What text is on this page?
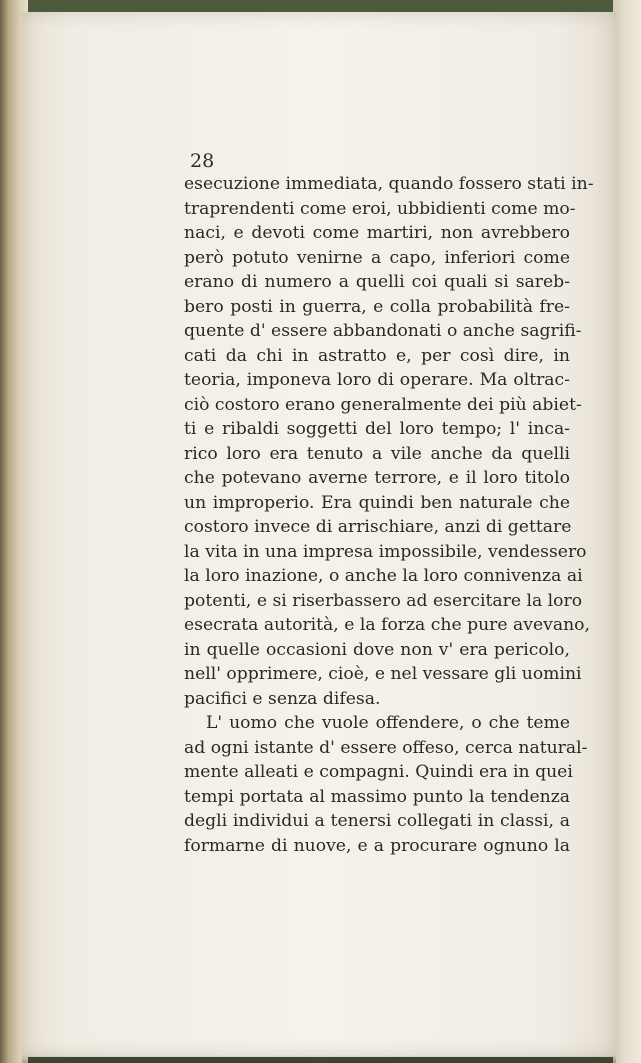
28
esecuzione immediata, quando fossero stati in-
traprendenti come eroi, ubbidienti come mo-
naci, e devoti come martiri, non avrebbero
però potuto venirne a capo, inferiori come
erano di numero a quelli coi quali si sareb-
bero posti in guerra, e colla probabilità fre-
quente d' essere abbandonati o anche sagrifi-
cati da chi in astratto e, per così dire, in
teoria, imponeva loro di operare. Ma oltrac-
ciò costoro erano generalmente dei più abiet-
ti e ribaldi soggetti del loro tempo; l' inca-
rico loro era tenuto a vile anche da quelli
che potevano averne terrore, e il loro titolo
un improperio. Era quindi ben naturale che
costoro invece di arrischiare, anzi di gettare
la vita in una impresa impossibile, vendessero
la loro inazione, o anche la loro connivenza ai
potenti, e si riserbassero ad esercitare la loro
esecrata autorità, e la forza che pure avevano,
in quelle occasioni dove non v' era pericolo,
nell' opprimere, cioè, e nel vessare gli uomini
pacifici e senza difesa.
L' uomo che vuole offendere, o che teme
ad ogni istante d' essere offeso, cerca natural-
mente alleati e compagni. Quindi era in quei
tempi portata al massimo punto la tendenza
degli individui a tenersi collegati in classi, a
formarne di nuove, e a procurare ognuno la
